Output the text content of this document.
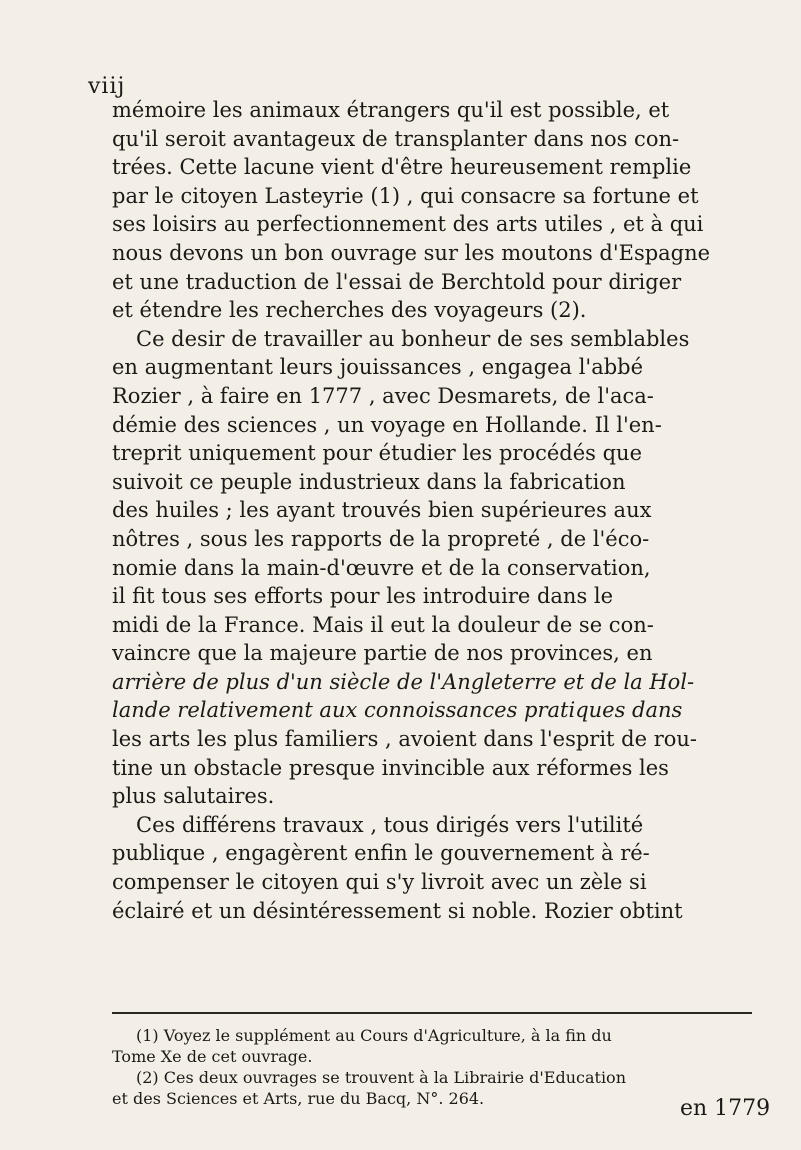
viij
mémoire les animaux étrangers qu'il est possible, et
qu'il seroit avantageux de transplanter dans nos con-
trées. Cette lacune vient d'être heureusement remplie
par le citoyen Lasteyrie (1) , qui consacre sa fortune et
ses loisirs au perfectionnement des arts utiles , et à qui
nous devons un bon ouvrage sur les moutons d'Espagne
et une traduction de l'essai de Berchtold pour diriger
et étendre les recherches des voyageurs (2).
Ce desir de travailler au bonheur de ses semblables
en augmentant leurs jouissances , engagea l'abbé
Rozier , à faire en 1777 , avec Desmarets, de l'aca-
démie des sciences , un voyage en Hollande. Il l'en-
treprit uniquement pour étudier les procédés que
suivoit ce peuple industrieux dans la fabrication
des huiles ; les ayant trouvés bien supérieures aux
nôtres , sous les rapports de la propreté , de l'éco-
nomie dans la main-d'œuvre et de la conservation,
il fit tous ses efforts pour les introduire dans le
midi de la France. Mais il eut la douleur de se con-
vaincre que la majeure partie de nos provinces, en
arrière de plus d'un siècle de l'Angleterre et de la Hol-
lande relativement aux connoissances pratiques dans
les arts les plus familiers , avoient dans l'esprit de rou-
tine un obstacle presque invincible aux réformes les
plus salutaires.
Ces différens travaux , tous dirigés vers l'utilité
publique , engagèrent enfin le gouvernement à ré-
compenser le citoyen qui s'y livroit avec un zèle si
éclairé et un désintéressement si noble. Rozier obtint
(1) Voyez le supplément au Cours d'Agriculture, à la fin du
Tome Xe de cet ouvrage.
(2) Ces deux ouvrages se trouvent à la Librairie d'Education
et des Sciences et Arts, rue du Bacq, N°. 264.	en 1779
